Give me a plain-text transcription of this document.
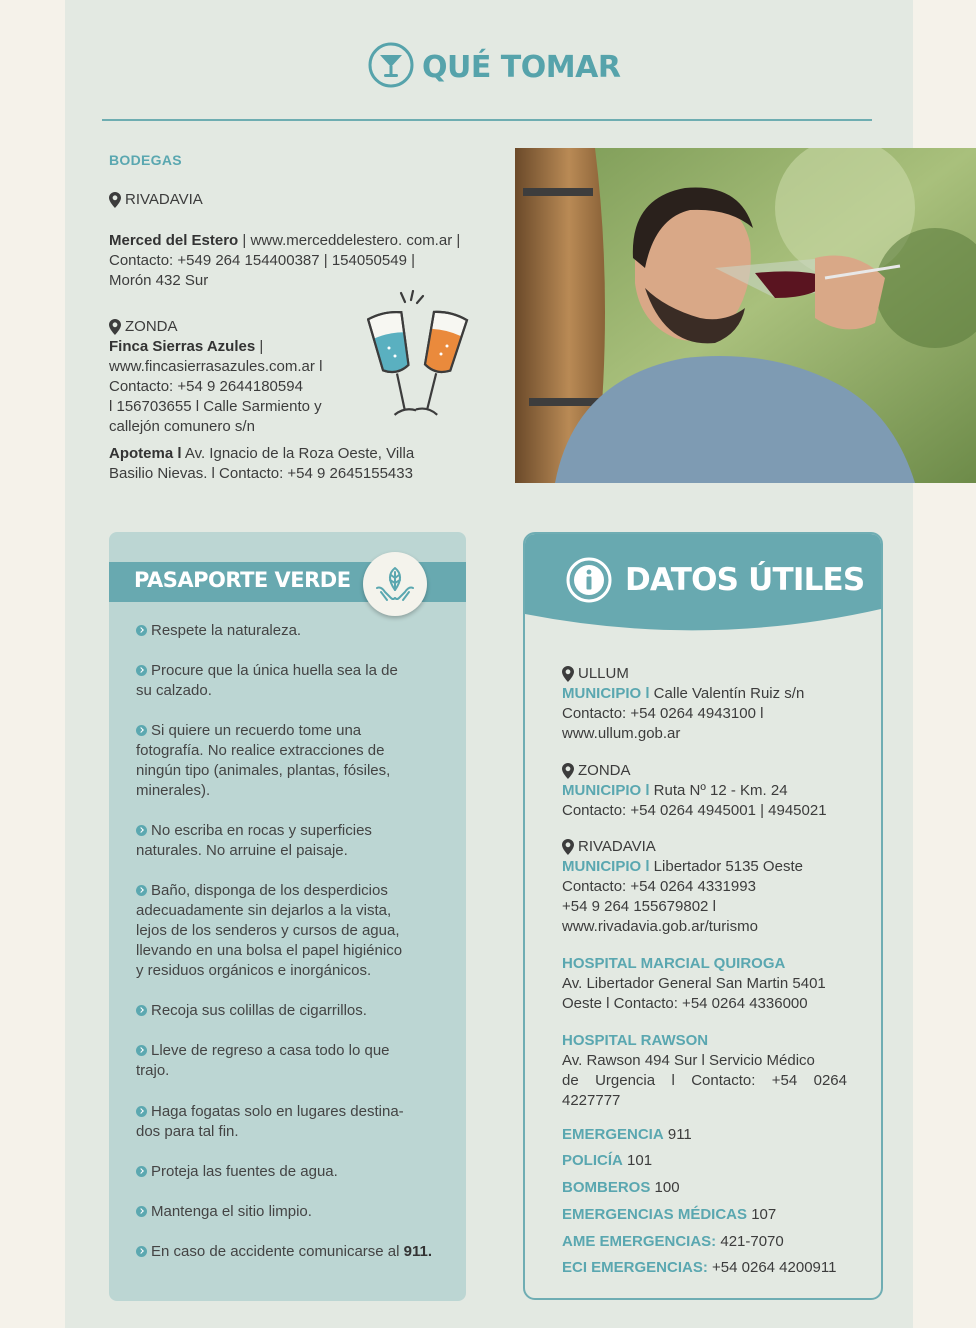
QUÉ TOMAR
BODEGAS
RIVADAVIA
Merced del Estero | www.merceddelestero. com.ar |
Contacto: +549 264 154400387 | 154050549 |
Morón 432 Sur
ZONDA
Finca Sierras Azules |
www.fincasierrasazules.com.ar l
Contacto: +54 9 2644180594
l 156703655 l Calle Sarmiento y
callejón comunero s/n
Apotema l Av. Ignacio de la Roza Oeste, Villa
Basilio Nievas. l Contacto: +54 9 2645155433
PASAPORTE VERDE
Respete la naturaleza.
Procure que la única huella sea la de
su calzado.
Si quiere un recuerdo tome una
fotografía. No realice extracciones de
ningún tipo (animales, plantas, fósiles,
minerales).
No escriba en rocas y superficies
naturales. No arruine el paisaje.
Baño, disponga de los desperdicios
adecuadamente sin dejarlos a la vista,
lejos de los senderos y cursos de agua,
llevando en una bolsa el papel higiénico
y residuos orgánicos e inorgánicos.
Recoja sus colillas de cigarrillos.
Lleve de regreso a casa todo lo que
trajo.
Haga fogatas solo en lugares destina-
dos para tal fin.
Proteja las fuentes de agua.
Mantenga el sitio limpio.
En caso de accidente comunicarse al 911.
DATOS ÚTILES
ULLUM
MUNICIPIO l Calle Valentín Ruiz s/n
Contacto: +54 0264 4943100 l
www.ullum.gob.ar
ZONDA
MUNICIPIO l Ruta Nº 12 - Km. 24
Contacto: +54 0264 4945001 | 4945021
RIVADAVIA
MUNICIPIO l Libertador 5135 Oeste
Contacto: +54 0264 4331993
+54 9 264 155679802 l
www.rivadavia.gob.ar/turismo
HOSPITAL MARCIAL QUIROGA
Av. Libertador General San Martin 5401
Oeste l Contacto: +54 0264 4336000
HOSPITAL RAWSON
Av. Rawson 494 Sur l Servicio Médico
de Urgencia l Contacto: +54 0264
4227777
EMERGENCIA 911
POLICÍA 101
BOMBEROS 100
EMERGENCIAS MÉDICAS 107
AME EMERGENCIAS: 421-7070
ECI EMERGENCIAS: +54 0264 4200911
